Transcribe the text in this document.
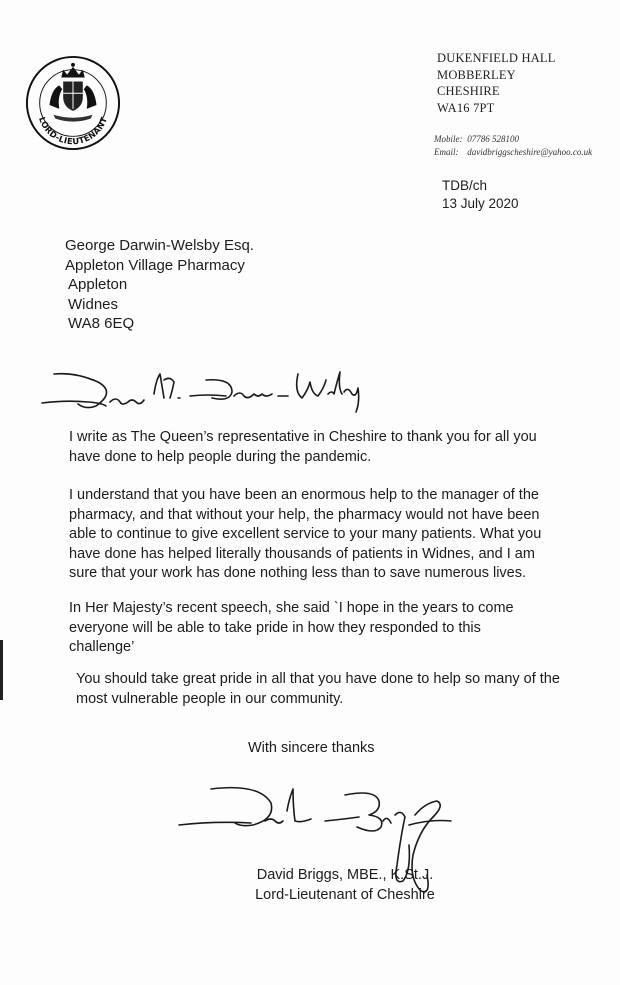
LORD-LIEUTENANT
DUKENFIELD HALL
MOBBERLEY
CHESHIRE
WA16 7PT
Mobile: 07786 528100
Email: davidbriggscheshire@yahoo.co.uk
TDB/ch
13 July 2020
George Darwin-Welsby Esq.
Appleton Village Pharmacy
Appleton
Widnes
WA8 6EQ
I write as The Queen’s representative in Cheshire to thank you for all you
have done to help people during the pandemic.
I understand that you have been an enormous help to the manager of the
pharmacy, and that without your help, the pharmacy would not have been
able to continue to give excellent service to your many patients. What you
have done has helped literally thousands of patients in Widnes, and I am
sure that your work has done nothing less than to save numerous lives.
In Her Majesty’s recent speech, she said `I hope in the years to come
everyone will be able to take pride in how they responded to this
challenge’
You should take great pride in all that you have done to help so many of the
most vulnerable people in our community.
With sincere thanks
David Briggs, MBE., K.St.J.
Lord-Lieutenant of Cheshire
